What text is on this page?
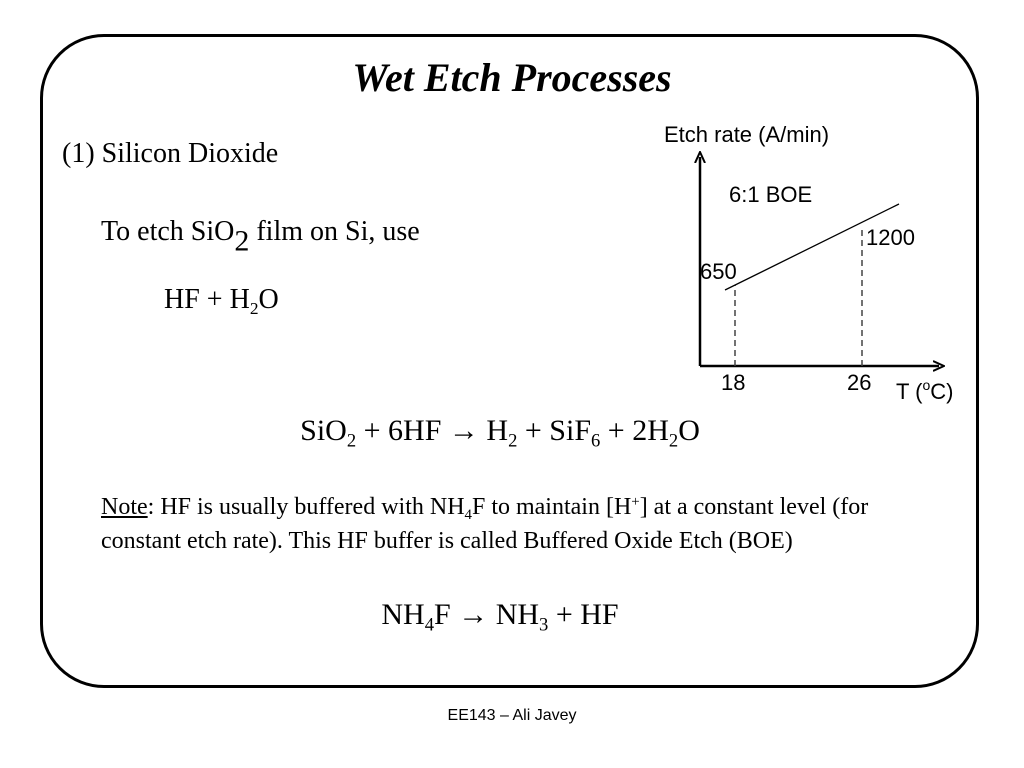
Wet Etch Processes
(1) Silicon Dioxide
To etch SiO$_2$ film on Si, use
HF + $H_2O$
Etch rate (A/min)
6:1 BOE
650
1200
18	26 T ($^o$C)
$SiO_2 + 6HF \to H_2 + SiF_6 + 2H_2O$
Note: HF is usually buffered with $NH_4F$ to maintain [H+] at a constant level (for constant etch rate). This HF buffer is called Buffered Oxide Etch (BOE)
$NH_4F \to NH_3$ + HF
EE143 – Ali Javey
